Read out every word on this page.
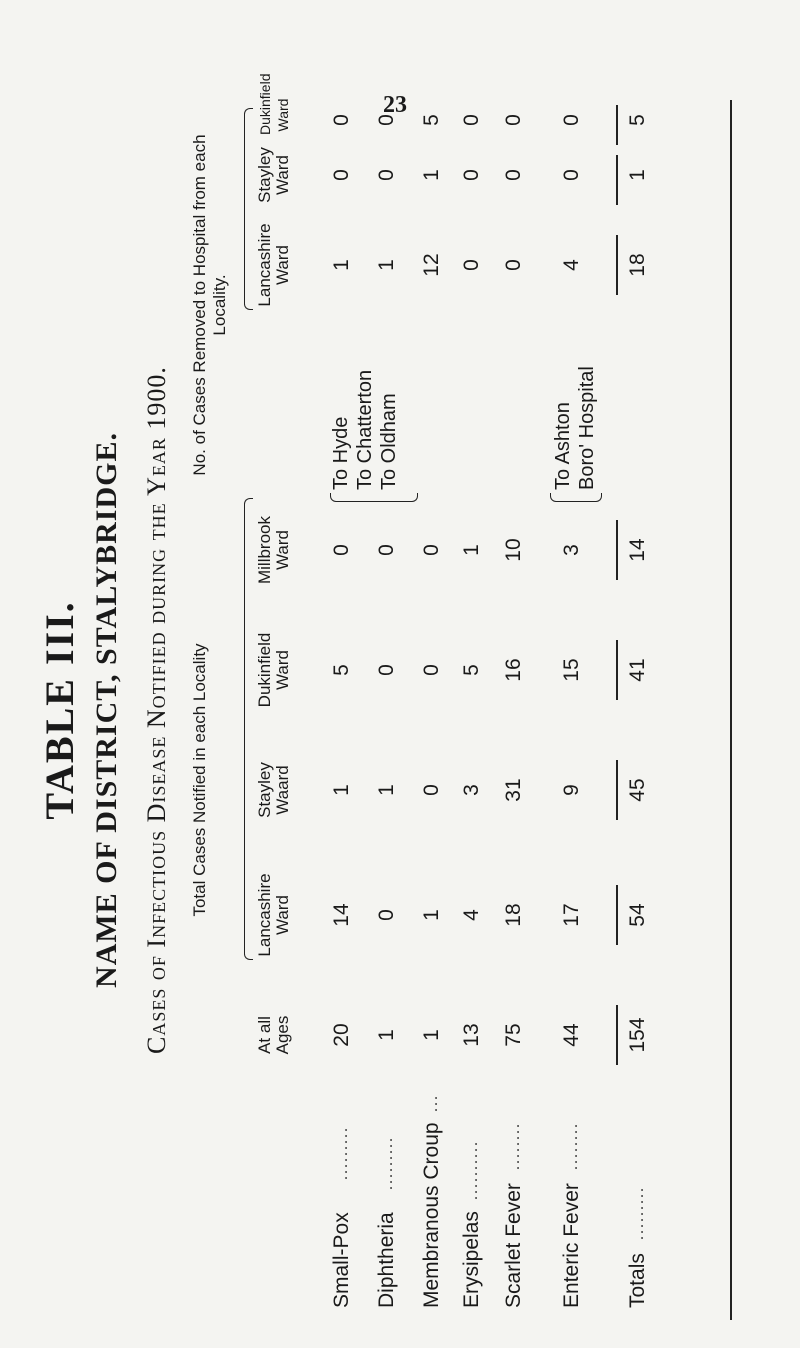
23
TABLE III. NAME OF DISTRICT, STALYBRIDGE. Cases of Infectious Disease Notified during the Year 1900. Total Cases Notified in each Locality
No. of Cases Removed to Hospital from each Locality.
At all Ages
Lancashire Ward
Stayley Waard
Dukinfield Ward
Millbrook Ward
Lancashire Ward
Stayley Ward
Dukinfield Ward
To Hyde To Chatterton To Oldham	To Ashton Boro' Hospital
Small-Pox
.........
20
14
1
5
0
1
0
0
Diphtheria
.........
1
0
1
0
0
1
0
0
Membranous Croup
...
1
1
0
0
0
12
1
5
Erysipelas
..........
13
4
3
5
1
0
0
0
Scarlet Fever
........
75
18
31
16
10
0
0
0
Enteric Fever
........
44
17
9
15
3
4
0
0
Totals
.........
154
54
45
41
14
18
1
5
